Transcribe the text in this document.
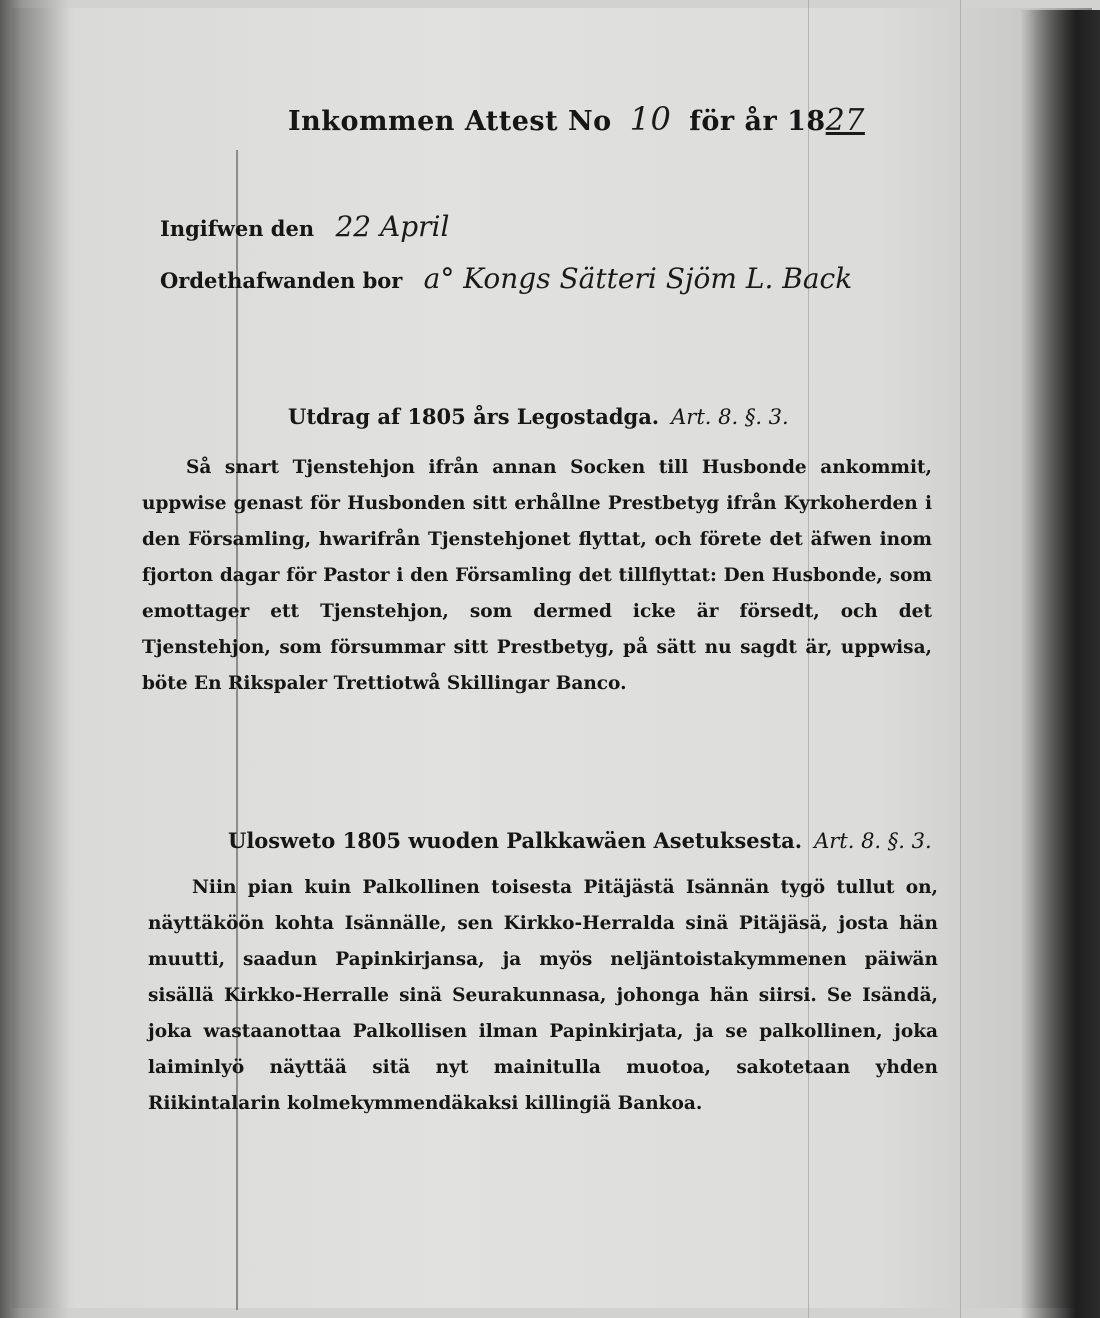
Inkommen Attest No 10 för år 1827
Ingifwen den 22 April
Ordethafwanden bor a° Kongs Sätteri Sjöm L. Back
Utdrag af 1805 års Legostadga. Art. 8. §. 3.

Så snart Tjenstehjon ifrån annan Socken till Husbonde ankommit, uppwise genast för Husbonden sitt erhållne Prestbetyg ifrån Kyrkoherden i den Församling, hwarifrån Tjenstehjonet flyttat, och förete det äfwen inom fjorton dagar för Pastor i den Församling det tillflyttat: Den Husbonde, som emottager ett Tjenstehjon, som dermed icke är försedt, och det Tjenstehjon, som försummar sitt Prestbetyg, på sätt nu sagdt är, uppwisa, böte En Rikspaler Trettiotwå Skillingar Banco.

Ulosweto 1805 wuoden Palkkawäen Asetuksesta. Art. 8. §. 3.

Niin pian kuin Palkollinen toisesta Pitäjästä Isännän tygö tullut on, näyttäköön kohta Isännälle, sen Kirkko-Herralda sinä Pitäjäsä, josta hän muutti, saadun Papinkirjansa, ja myös neljäntoistakymmenen päiwän sisällä Kirkko-Herralle sinä Seurakunnasa, johonga hän siirsi. Se Isändä, joka wastaanottaa Palkollisen ilman Papinkirjata, ja se palkollinen, joka laiminlyö näyttää sitä nyt mainitulla muotoa, sakotetaan yhden Riikintalarin kolmekymmendäkaksi killingiä Bankoa.
